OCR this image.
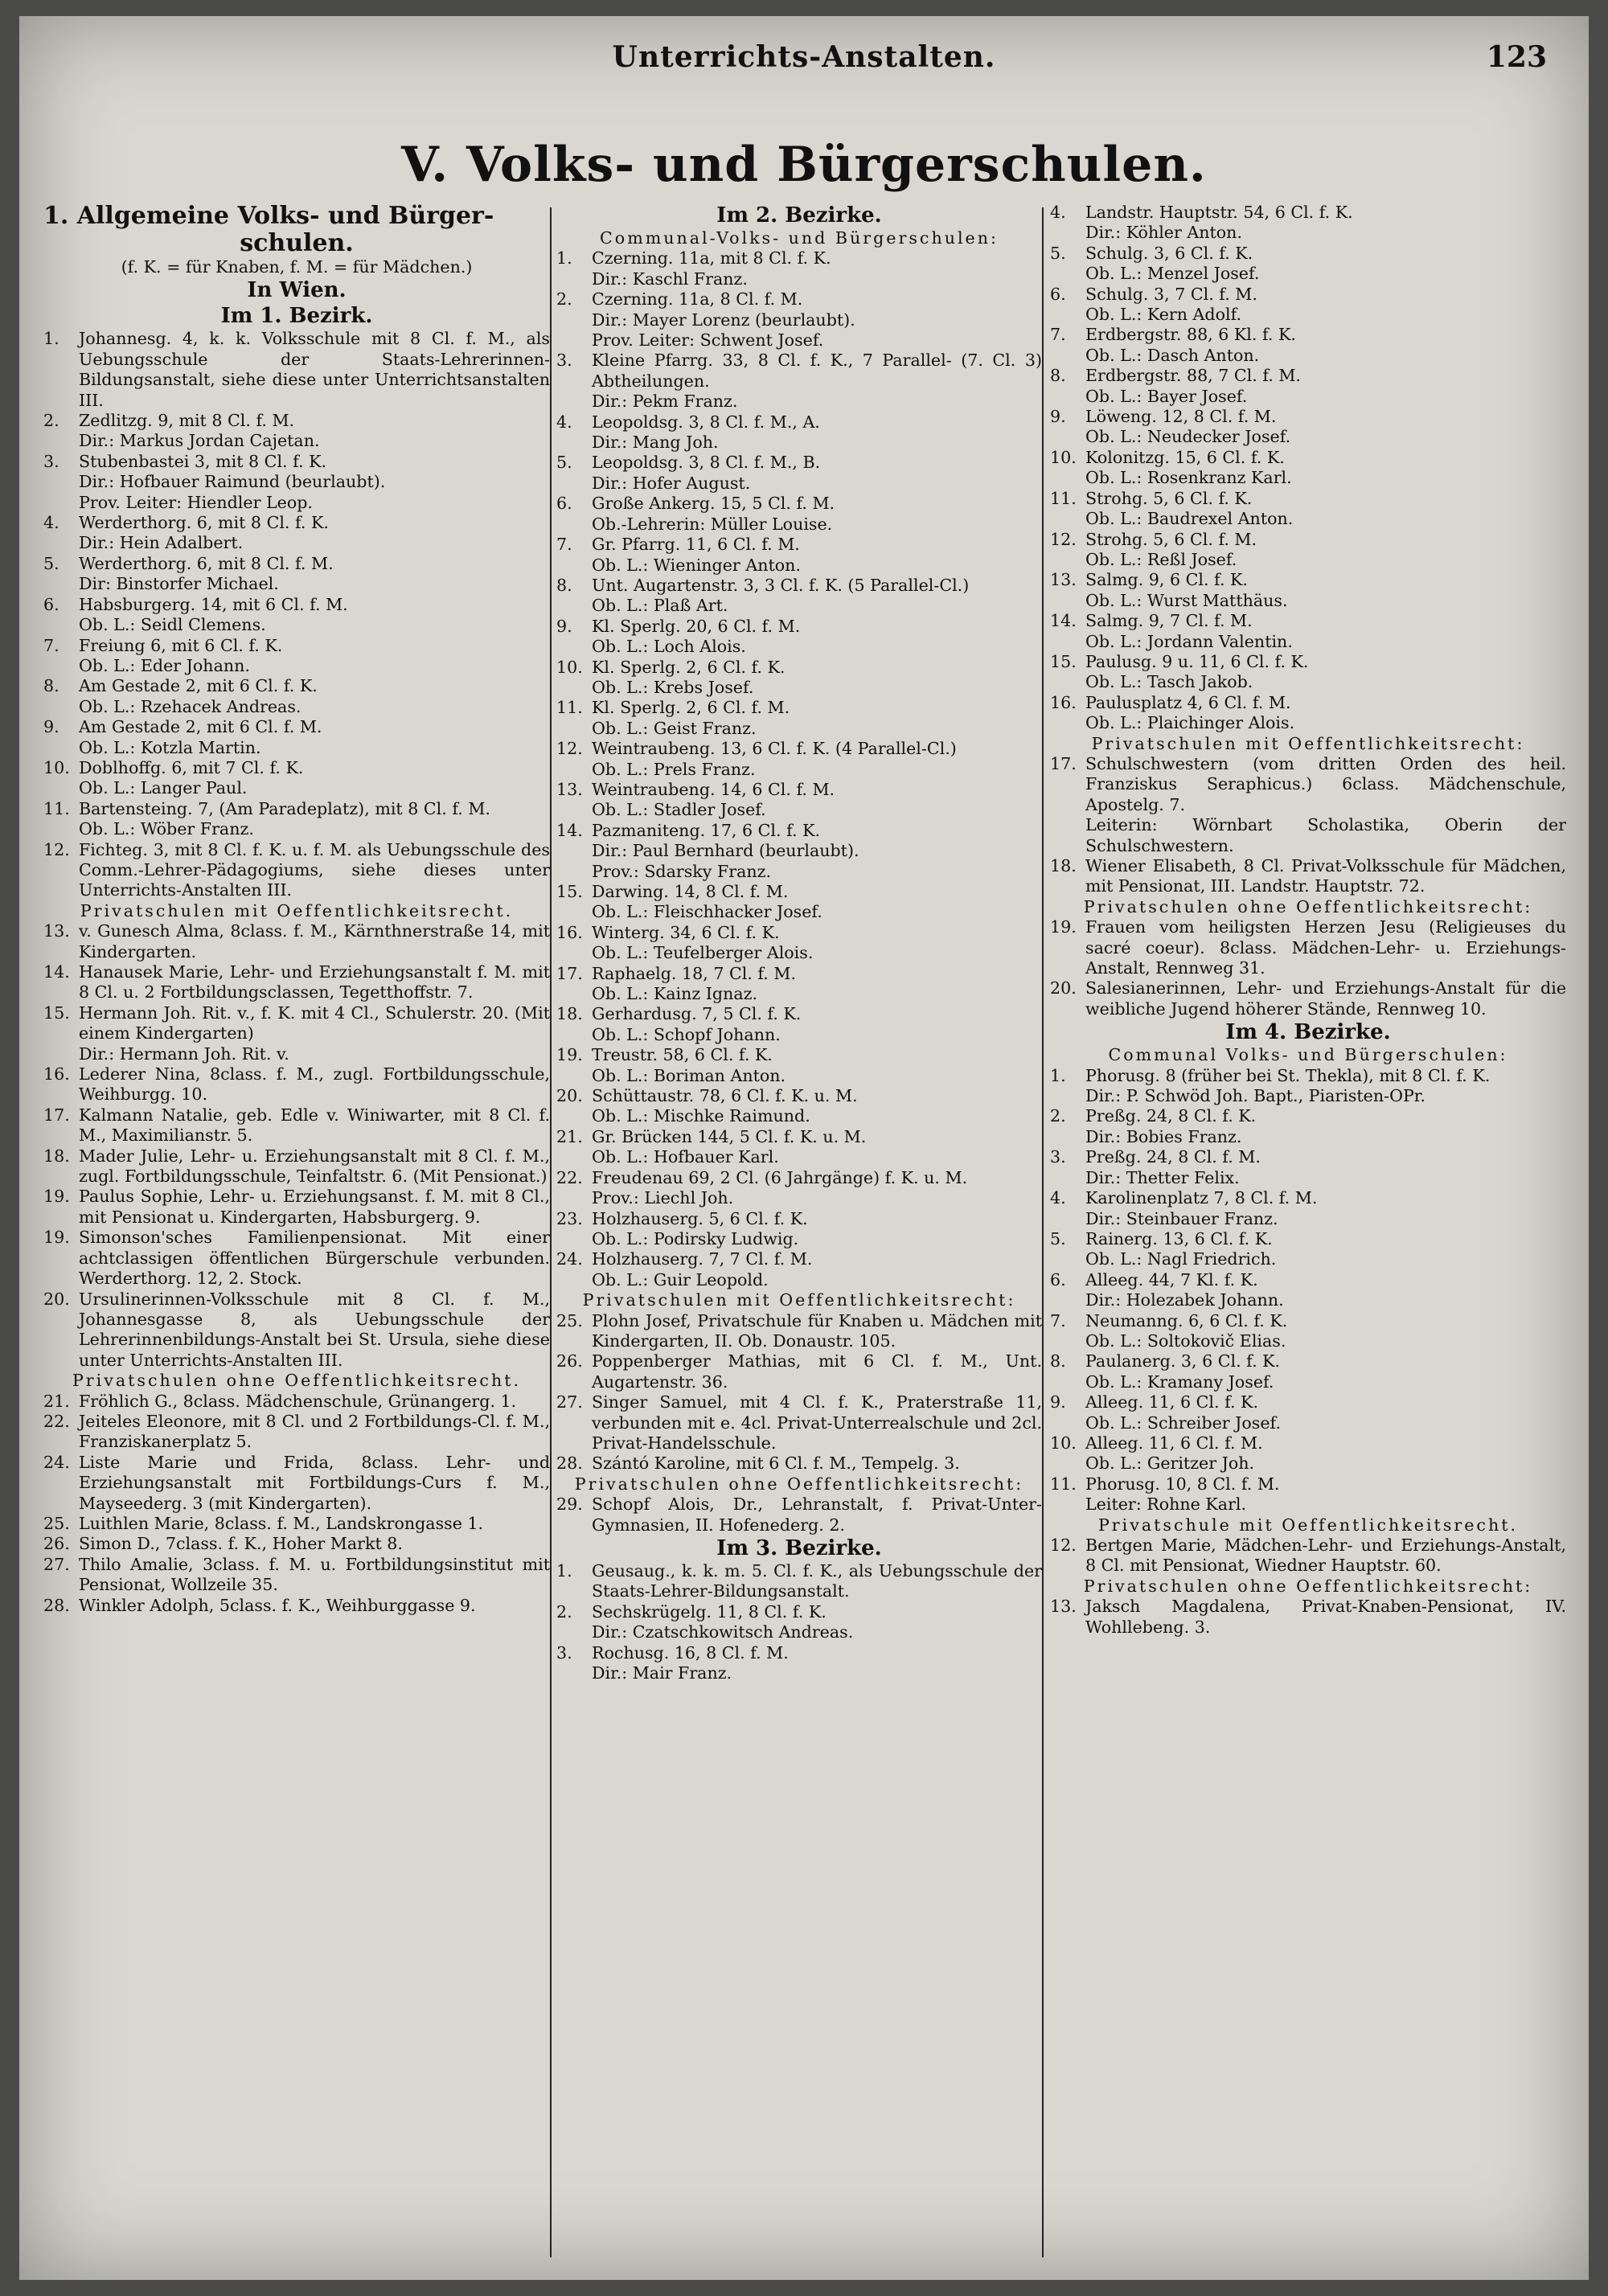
Unterrichts-Anstalten.	123
V. Volks- und Bürgerschulen.

1. Allgemeine Volks- und Bürger-

schulen.

(f. K. = für Knaben, f. M. = für Mädchen.)

In Wien.

Im 1. Bezirk.

1. Johannesg. 4, k. k. Volksschule mit 8 Cl. f. M., als Uebungsschule der Staats-Lehrerinnen-Bildungsanstalt, siehe diese unter Unterrichtsanstalten III.

2. Zedlitzg. 9, mit 8 Cl. f. M.
Dir.: Markus Jordan Cajetan.

3. Stubenbastei 3, mit 8 Cl. f. K.
Dir.: Hofbauer Raimund (beurlaubt).
Prov. Leiter: Hiendler Leop.

4. Werderthorg. 6, mit 8 Cl. f. K.
Dir.: Hein Adalbert.

5. Werderthorg. 6, mit 8 Cl. f. M.
Dir: Binstorfer Michael.

6. Habsburgerg. 14, mit 6 Cl. f. M.
Ob. L.: Seidl Clemens.

7. Freiung 6, mit 6 Cl. f. K.
Ob. L.: Eder Johann.

8. Am Gestade 2, mit 6 Cl. f. K.
Ob. L.: Rzehacek Andreas.

9. Am Gestade 2, mit 6 Cl. f. M.
Ob. L.: Kotzla Martin.

10. Doblhoffg. 6, mit 7 Cl. f. K.
Ob. L.: Langer Paul.

11. Bartensteing. 7, (Am Paradeplatz), mit 8 Cl. f. M.
Ob. L.: Wöber Franz.

12. Fichteg. 3, mit 8 Cl. f. K. u. f. M. als Uebungsschule des Comm.-Lehrer-Pädagogiums, siehe dieses unter Unterrichts-Anstalten III.

Privatschulen mit Oeffentlichkeitsrecht.

13. v. Gunesch Alma, 8class. f. M., Kärnthnerstraße 14, mit Kindergarten.

14. Hanausek Marie, Lehr- und Erziehungsanstalt f. M. mit 8 Cl. u. 2 Fortbildungsclassen, Tegetthoffstr. 7.

15. Hermann Joh. Rit. v., f. K. mit 4 Cl., Schulerstr. 20. (Mit einem Kindergarten)
Dir.: Hermann Joh. Rit. v.

16. Lederer Nina, 8class. f. M., zugl. Fortbildungsschule, Weihburgg. 10.

17. Kalmann Natalie, geb. Edle v. Winiwarter, mit 8 Cl. f. M., Maximilianstr. 5.

18. Mader Julie, Lehr- u. Erziehungsanstalt mit 8 Cl. f. M., zugl. Fortbildungsschule, Teinfaltstr. 6. (Mit Pensionat.)

19. Paulus Sophie, Lehr- u. Erziehungsanst. f. M. mit 8 Cl., mit Pensionat u. Kindergarten, Habsburgerg. 9.

19. Simonson'sches Familienpensionat. Mit einer achtclassigen öffentlichen Bürgerschule verbunden. Werderthorg. 12, 2. Stock.

20. Ursulinerinnen-Volksschule mit 8 Cl. f. M., Johannesgasse 8, als Uebungsschule der Lehrerinnenbildungs-Anstalt bei St. Ursula, siehe diese unter Unterrichts-Anstalten III.

Privatschulen ohne Oeffentlichkeitsrecht.

21. Fröhlich G., 8class. Mädchenschule, Grünangerg. 1.

22. Jeiteles Eleonore, mit 8 Cl. und 2 Fortbildungs-Cl. f. M., Franziskanerplatz 5.

24. Liste Marie und Frida, 8class. Lehr- und Erziehungsanstalt mit Fortbildungs-Curs f. M., Mayseederg. 3 (mit Kindergarten).

25. Luithlen Marie, 8class. f. M., Landskrongasse 1.

26. Simon D., 7class. f. K., Hoher Markt 8.

27. Thilo Amalie, 3class. f. M. u. Fortbildungsinstitut mit Pensionat, Wollzeile 35.

28. Winkler Adolph, 5class. f. K., Weihburggasse 9.

Im 2. Bezirke.

Communal-Volks- und Bürgerschulen:

1. Czerning. 11a, mit 8 Cl. f. K.
Dir.: Kaschl Franz.

2. Czerning. 11a, 8 Cl. f. M.
Dir.: Mayer Lorenz (beurlaubt).
Prov. Leiter: Schwent Josef.

3. Kleine Pfarrg. 33, 8 Cl. f. K., 7 Parallel- (7. Cl. 3) Abtheilungen.
Dir.: Pekm Franz.

4. Leopoldsg. 3, 8 Cl. f. M., A.
Dir.: Mang Joh.

5. Leopoldsg. 3, 8 Cl. f. M., B.
Dir.: Hofer August.

6. Große Ankerg. 15, 5 Cl. f. M.
Ob.-Lehrerin: Müller Louise.

7. Gr. Pfarrg. 11, 6 Cl. f. M.
Ob. L.: Wieninger Anton.

8. Unt. Augartenstr. 3, 3 Cl. f. K. (5 Parallel-Cl.)
Ob. L.: Plaß Art.

9. Kl. Sperlg. 20, 6 Cl. f. M.
Ob. L.: Loch Alois.

10. Kl. Sperlg. 2, 6 Cl. f. K.
Ob. L.: Krebs Josef.

11. Kl. Sperlg. 2, 6 Cl. f. M.
Ob. L.: Geist Franz.

12. Weintraubeng. 13, 6 Cl. f. K. (4 Parallel-Cl.)
Ob. L.: Prels Franz.

13. Weintraubeng. 14, 6 Cl. f. M.
Ob. L.: Stadler Josef.

14. Pazmaniteng. 17, 6 Cl. f. K.
Dir.: Paul Bernhard (beurlaubt).
Prov.: Sdarsky Franz.

15. Darwing. 14, 8 Cl. f. M.
Ob. L.: Fleischhacker Josef.

16. Winterg. 34, 6 Cl. f. K.
Ob. L.: Teufelberger Alois.

17. Raphaelg. 18, 7 Cl. f. M.
Ob. L.: Kainz Ignaz.

18. Gerhardusg. 7, 5 Cl. f. K.
Ob. L.: Schopf Johann.

19. Treustr. 58, 6 Cl. f. K.
Ob. L.: Boriman Anton.

20. Schüttaustr. 78, 6 Cl. f. K. u. M.
Ob. L.: Mischke Raimund.

21. Gr. Brücken 144, 5 Cl. f. K. u. M.
Ob. L.: Hofbauer Karl.

22. Freudenau 69, 2 Cl. (6 Jahrgänge) f. K. u. M.
Prov.: Liechl Joh.

23. Holzhauserg. 5, 6 Cl. f. K.
Ob. L.: Podirsky Ludwig.

24. Holzhauserg. 7, 7 Cl. f. M.
Ob. L.: Guir Leopold.

Privatschulen mit Oeffentlichkeitsrecht:

25. Plohn Josef, Privatschule für Knaben u. Mädchen mit Kindergarten, II. Ob. Donaustr. 105.

26. Poppenberger Mathias, mit 6 Cl. f. M., Unt. Augartenstr. 36.

27. Singer Samuel, mit 4 Cl. f. K., Praterstraße 11, verbunden mit e. 4cl. Privat-Unterrealschule und 2cl. Privat-Handelsschule.

28. Szántó Karoline, mit 6 Cl. f. M., Tempelg. 3.

Privatschulen ohne Oeffentlichkeitsrecht:

29. Schopf Alois, Dr., Lehranstalt, f. Privat-Unter-Gymnasien, II. Hofenederg. 2.

Im 3. Bezirke.

1. Geusaug., k. k. m. 5. Cl. f. K., als Uebungsschule der Staats-Lehrer-Bildungsanstalt.

2. Sechskrügelg. 11, 8 Cl. f. K.
Dir.: Czatschkowitsch Andreas.

3. Rochusg. 16, 8 Cl. f. M.
Dir.: Mair Franz.

4. Landstr. Hauptstr. 54, 6 Cl. f. K.
Dir.: Köhler Anton.

5. Schulg. 3, 6 Cl. f. K.
Ob. L.: Menzel Josef.

6. Schulg. 3, 7 Cl. f. M.
Ob. L.: Kern Adolf.

7. Erdbergstr. 88, 6 Kl. f. K.
Ob. L.: Dasch Anton.

8. Erdbergstr. 88, 7 Cl. f. M.
Ob. L.: Bayer Josef.

9. Löweng. 12, 8 Cl. f. M.
Ob. L.: Neudecker Josef.

10. Kolonitzg. 15, 6 Cl. f. K.
Ob. L.: Rosenkranz Karl.

11. Strohg. 5, 6 Cl. f. K.
Ob. L.: Baudrexel Anton.

12. Strohg. 5, 6 Cl. f. M.
Ob. L.: Reßl Josef.

13. Salmg. 9, 6 Cl. f. K.
Ob. L.: Wurst Matthäus.

14. Salmg. 9, 7 Cl. f. M.
Ob. L.: Jordann Valentin.

15. Paulusg. 9 u. 11, 6 Cl. f. K.
Ob. L.: Tasch Jakob.

16. Paulusplatz 4, 6 Cl. f. M.
Ob. L.: Plaichinger Alois.

Privatschulen mit Oeffentlichkeitsrecht:

17. Schulschwestern (vom dritten Orden des heil. Franziskus Seraphicus.) 6class. Mädchenschule, Apostelg. 7.
Leiterin: Wörnbart Scholastika, Oberin der Schulschwestern.

18. Wiener Elisabeth, 8 Cl. Privat-Volksschule für Mädchen, mit Pensionat, III. Landstr. Hauptstr. 72.

Privatschulen ohne Oeffentlichkeitsrecht:

19. Frauen vom heiligsten Herzen Jesu (Religieuses du sacré coeur). 8class. Mädchen-Lehr- u. Erziehungs-Anstalt, Rennweg 31.

20. Salesianerinnen, Lehr- und Erziehungs-Anstalt für die weibliche Jugend höherer Stände, Rennweg 10.

Im 4. Bezirke.

Communal Volks- und Bürgerschulen:

1. Phorusg. 8 (früher bei St. Thekla), mit 8 Cl. f. K.
Dir.: P. Schwöd Joh. Bapt., Piaristen-OPr.

2. Preßg. 24, 8 Cl. f. K.
Dir.: Bobies Franz.

3. Preßg. 24, 8 Cl. f. M.
Dir.: Thetter Felix.

4. Karolinenplatz 7, 8 Cl. f. M.
Dir.: Steinbauer Franz.

5. Rainerg. 13, 6 Cl. f. K.
Ob. L.: Nagl Friedrich.

6. Alleeg. 44, 7 Kl. f. K.
Dir.: Holezabek Johann.

7. Neumanng. 6, 6 Cl. f. K.
Ob. L.: Soltokovič Elias.

8. Paulanerg. 3, 6 Cl. f. K.
Ob. L.: Kramany Josef.

9. Alleeg. 11, 6 Cl. f. K.
Ob. L.: Schreiber Josef.

10. Alleeg. 11, 6 Cl. f. M.
Ob. L.: Geritzer Joh.

11. Phorusg. 10, 8 Cl. f. M.
Leiter: Rohne Karl.

Privatschule mit Oeffentlichkeitsrecht.

12. Bertgen Marie, Mädchen-Lehr- und Erziehungs-Anstalt, 8 Cl. mit Pensionat, Wiedner Hauptstr. 60.

Privatschulen ohne Oeffentlichkeitsrecht:

13. Jaksch Magdalena, Privat-Knaben-Pensionat, IV. Wohllebeng. 3.
